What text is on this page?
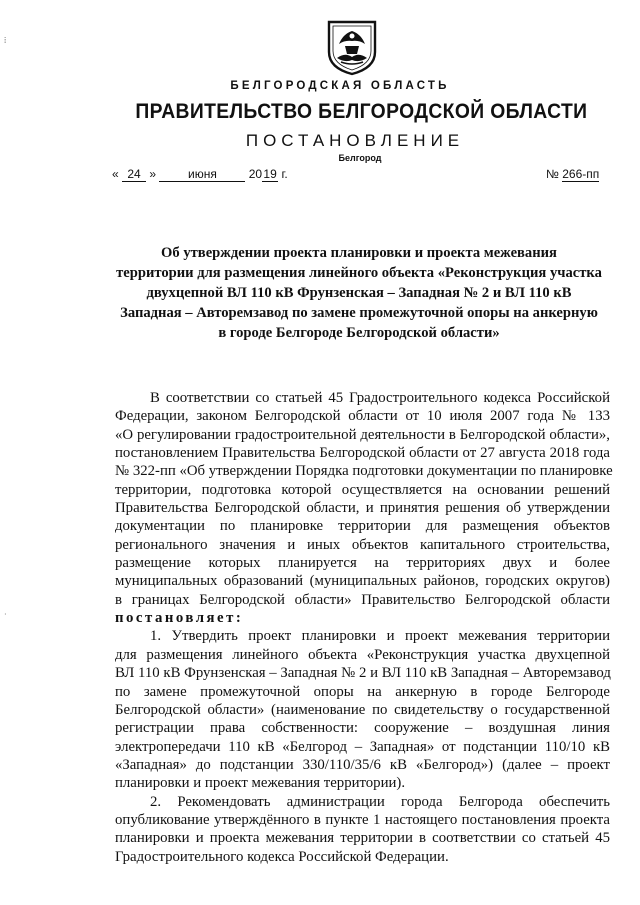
БЕЛГОРОДСКАЯ ОБЛАСТЬ
ПРАВИТЕЛЬСТВО БЕЛГОРОДСКОЙ ОБЛАСТИ
ПОСТАНОВЛЕНИЕ
Белгород
« 24 »	июня	2019 г.	№ 266-пп
Об утверждении проекта планировки и проекта межевания
территории для размещения линейного объекта «Реконструкция участка
двухцепной ВЛ 110 кВ Фрунзенская – Западная № 2 и ВЛ 110 кВ
Западная – Авторемзавод по замене промежуточной опоры на анкерную
в городе Белгороде Белгородской области»
В соответствии со статьей 45 Градостроительного кодекса Российской
Федерации, законом Белгородской области от 10 июля 2007 года № 133
«О регулировании градостроительной деятельности в Белгородской области»,
постановлением Правительства Белгородской области от 27 августа 2018 года
№ 322-пп «Об утверждении Порядка подготовки документации по планировке
территории, подготовка которой осуществляется на основании решений
Правительства Белгородской области, и принятия решения об утверждении
документации по планировке территории для размещения объектов
регионального значения и иных объектов капитального строительства,
размещение которых планируется на территориях двух и более
муниципальных образований (муниципальных районов, городских округов)
в границах Белгородской области» Правительство Белгородской области
постановляет:
1. Утвердить проект планировки и проект межевания территории
для размещения линейного объекта «Реконструкция участка двухцепной
ВЛ 110 кВ Фрунзенская – Западная № 2 и ВЛ 110 кВ Западная – Авторемзавод
по замене промежуточной опоры на анкерную в городе Белгороде
Белгородской области» (наименование по свидетельству о государственной
регистрации права собственности: сооружение – воздушная линия
электропередачи 110 кВ «Белгород – Западная» от подстанции 110/10 кВ
«Западная» до подстанции 330/110/35/6 кВ «Белгород») (далее – проект
планировки и проект межевания территории).
2. Рекомендовать администрации города Белгорода обеспечить
опубликование утверждённого в пункте 1 настоящего постановления проекта
планировки и проекта межевания территории в соответствии со статьей 45
Градостроительного кодекса Российской Федерации.
⁞
·
